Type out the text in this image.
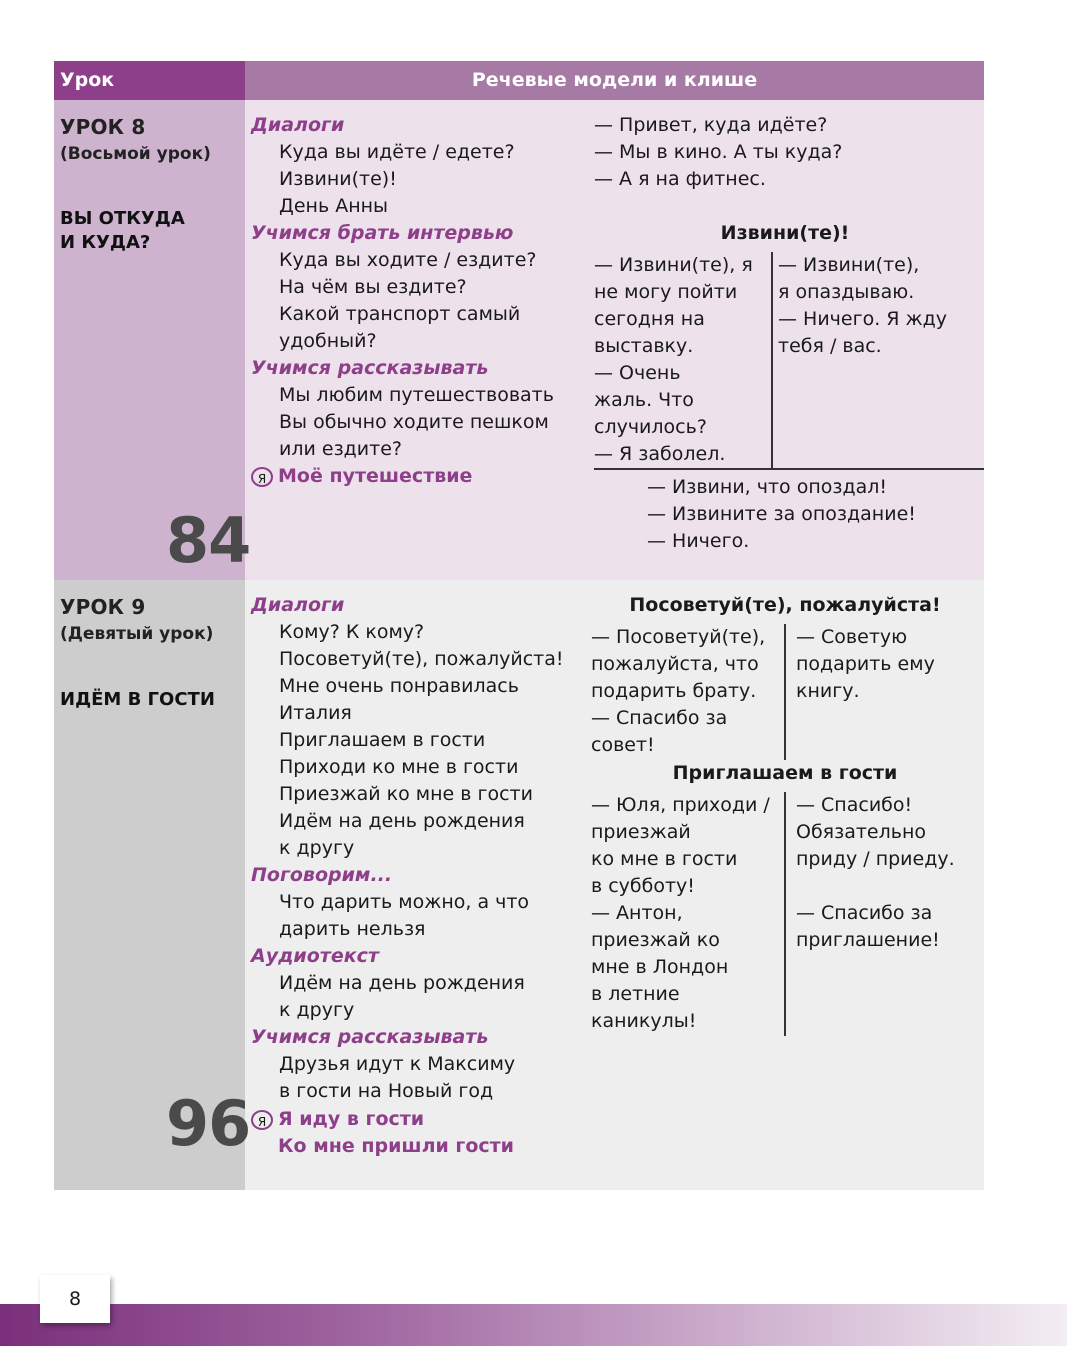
Урок	Речевые модели и клише
УРОК 8
(Восьмой урок)
ВЫ ОТКУДА
И КУДА?
84
Диалоги
Куда вы идёте / едете?
Извини(те)!
День Анны
Учимся брать интервью
Куда вы ходите / ездите?
На чём вы ездите?
Какой транспорт самый
удобный?
Учимся рассказывать
Мы любим путешествовать
Вы обычно ходите пешком
или ездите?
Я Моё путешествие
— Привет, куда идёте?
— Мы в кино. А ты куда?
— А я на фитнес.
Извини(те)!
— Извини(те), я
не могу пойти
сегодня на
выставку.
— Очень
жаль. Что
случилось?
— Я заболел.
— Извини(те),
я опаздываю.
— Ничего. Я жду
тебя / вас.
— Извини, что опоздал!
— Извините за опоздание!
— Ничего.
УРОК 9
(Девятый урок)
ИДЁМ В ГОСТИ
96
Диалоги
Кому? К кому?
Посоветуй(те), пожалуйста!
Мне очень понравилась
Италия
Приглашаем в гости
Приходи ко мне в гости
Приезжай ко мне в гости
Идём на день рождения
к другу
Поговорим...
Что дарить можно, а что
дарить нельзя
Аудиотекст
Идём на день рождения
к другу
Учимся рассказывать
Друзья идут к Максиму
в гости на Новый год
Я Я иду в гости
Ко мне пришли гости
Посоветуй(те), пожалуйста!
— Посоветуй(те),
пожалуйста, что
подарить брату.
— Спасибо за
совет!
— Советую
подарить ему
книгу.
Приглашаем в гости
— Юля, приходи /
приезжай
ко мне в гости
в субботу!
— Антон,
приезжай ко
мне в Лондон
в летние
каникулы!
— Спасибо!
Обязательно
приду / приеду.
— Спасибо за
приглашение!
8
